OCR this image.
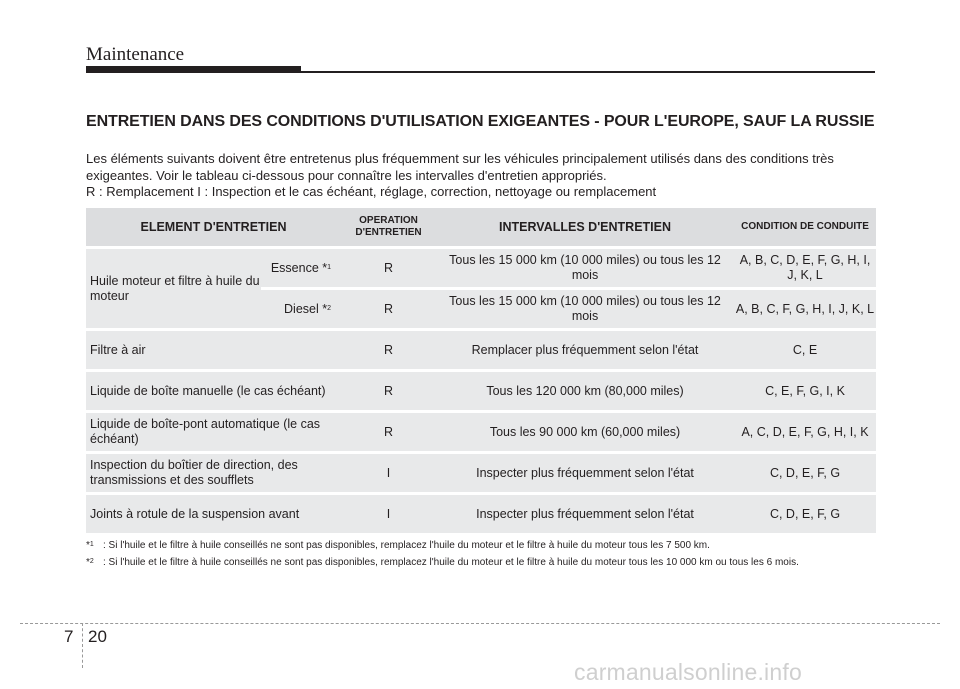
Maintenance
ENTRETIEN DANS DES CONDITIONS D'UTILISATION EXIGEANTES - POUR L'EUROPE, SAUF LA RUSSIE
Les éléments suivants doivent être entretenus plus fréquemment sur les véhicules principalement utilisés dans des conditions très exigeantes. Voir le tableau ci-dessous pour connaître les intervalles d'entretien appropriés.
R : Remplacement I : Inspection et le cas échéant, réglage, correction, nettoyage ou remplacement
ELEMENT D'ENTRETIEN		OPERATION D'ENTRETIEN	INTERVALLES D'ENTRETIEN	CONDITION DE CONDUITE
Huile moteur et filtre à huile du moteur	Essence *$^1$	R	Tous les 15 000 km (10 000 miles) ou tous les 12 mois	A, B, C, D, E, F, G, H, I, J, K, L
	Diesel *$^2$	R	Tous les 15 000 km (10 000 miles) ou tous les 12 mois	A, B, C, F, G, H, I, J, K, L
Filtre à air		R	Remplacer plus fréquemment selon l'état	C, E
Liquide de boîte manuelle (le cas échéant)		R	Tous les 120 000 km (80,000 miles)	C, E, F, G, I, K
Liquide de boîte-pont automatique (le cas échéant)		R	Tous les 90 000 km (60,000 miles)	A, C, D, E, F, G, H, I, K
Inspection du boîtier de direction, des transmissions et des soufflets		I	Inspecter plus fréquemment selon l'état	C, D, E, F, G
Joints à rotule de la suspension avant		I	Inspecter plus fréquemment selon l'état	C, D, E, F, G
*$^1$ : Si l'huile et le filtre à huile conseillés ne sont pas disponibles, remplacez l'huile du moteur et le filtre à huile du moteur tous les 7 500 km.
*$^2$ : Si l'huile et le filtre à huile conseillés ne sont pas disponibles, remplacez l'huile du moteur et le filtre à huile du moteur tous les 10 000 km ou tous les 6 mois.
7 20
carmanualsonline.info
